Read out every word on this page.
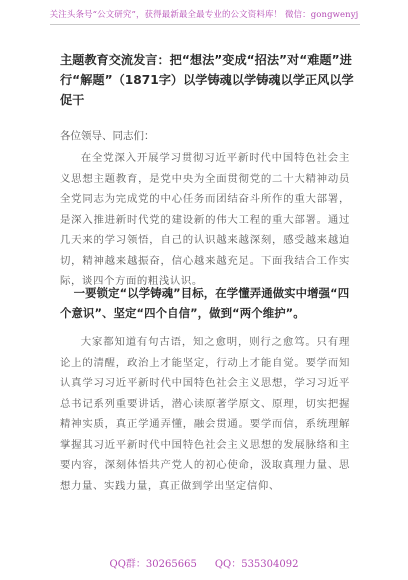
关注头条号“公文研究”，获得最新最全最专业的公文资料库！ 微信：gongwenyj
主题教育交流发言：把“想法”变成“招法”对“难题”进行“解题”（1871字）以学铸魂以学铸魂以学正风以学促干
各位领导、同志们：
在全党深入开展学习贯彻习近平新时代中国特色社会主义思想主题教育，是党中央为全面贯彻党的二十大精神动员全党同志为完成党的中心任务而团结奋斗所作的重大部署，是深入推进新时代党的建设新的伟大工程的重大部署。通过几天来的学习领悟，自己的认识越来越深刻，感受越来越迫切，精神越来越振奋，信心越来越充足。下面我结合工作实际，谈四个方面的粗浅认识。
一要锁定“以学铸魂”目标，在学懂弄通做实中增强“四个意识”、坚定“四个自信”，做到“两个维护”。
大家都知道有句古语，知之愈明，则行之愈笃。只有理论上的清醒，政治上才能坚定，行动上才能自觉。要学而知认真学习习近平新时代中国特色社会主义思想，学习习近平总书记系列重要讲话，潜心读原著学原文、原理，切实把握精神实质，真正学通弄懂，融会贯通。要学而信，系统理解掌握其习近平新时代中国特色社会主义思想的发展脉络和主要内容，深刻体悟共产党人的初心使命，汲取真理力量、思想力量、实践力量，真正做到学出坚定信仰、
QQ群：30265665 QQ：535304092
